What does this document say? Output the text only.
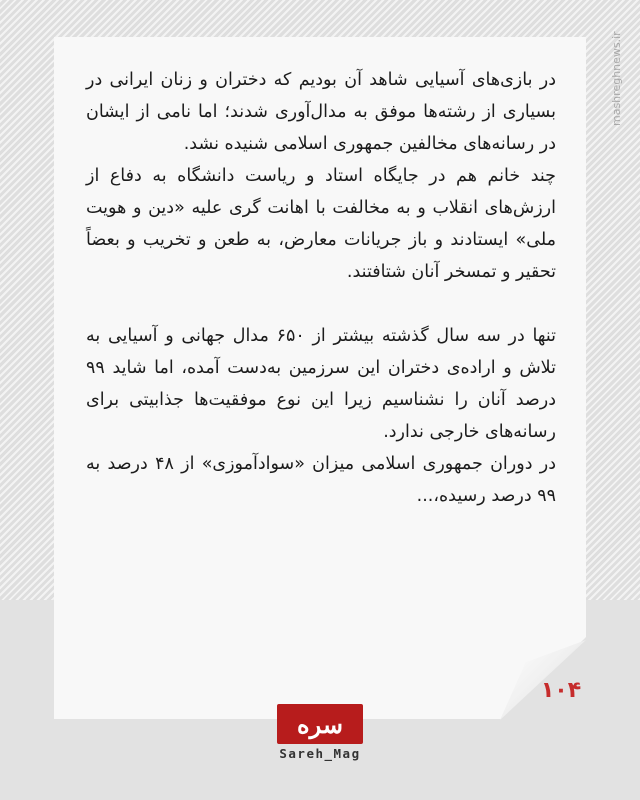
mashreghnews.ir

در بازی‌های آسیایی شاهد آن بودیم که دختران و زنان ایرانی در بسیاری از رشته‌ها موفق به مدال‌آوری شدند؛ اما نامی از ایشان در رسانه‌های مخالفین جمهوری اسلامی شنیده نشد.

چند خانم هم در جایگاه استاد و ریاست دانشگاه به دفاع از ارزش‌های انقلاب و به مخالفت با اهانت گری علیه «دین و هویت ملی» ایستادند و باز جریانات معارض، به طعن و تخریب و بعضاً تحقیر و تمسخر آنان شتافتند.

تنها در سه سال گذشته بیشتر از ۶۵۰ مدال جهانی و آسیایی به تلاش و اراده‌ی دختران این سرزمین به‌دست آمده، اما شاید ۹۹ درصد آنان را نشناسیم زیرا این نوع موفقیت‌ها جذابیتی برای رسانه‌های خارجی ندارد.

در دوران جمهوری اسلامی میزان «سوادآموزی» از ۴۸ درصد به ۹۹ درصد رسیده،...

۱۰۴
سره
Sareh_Mag
